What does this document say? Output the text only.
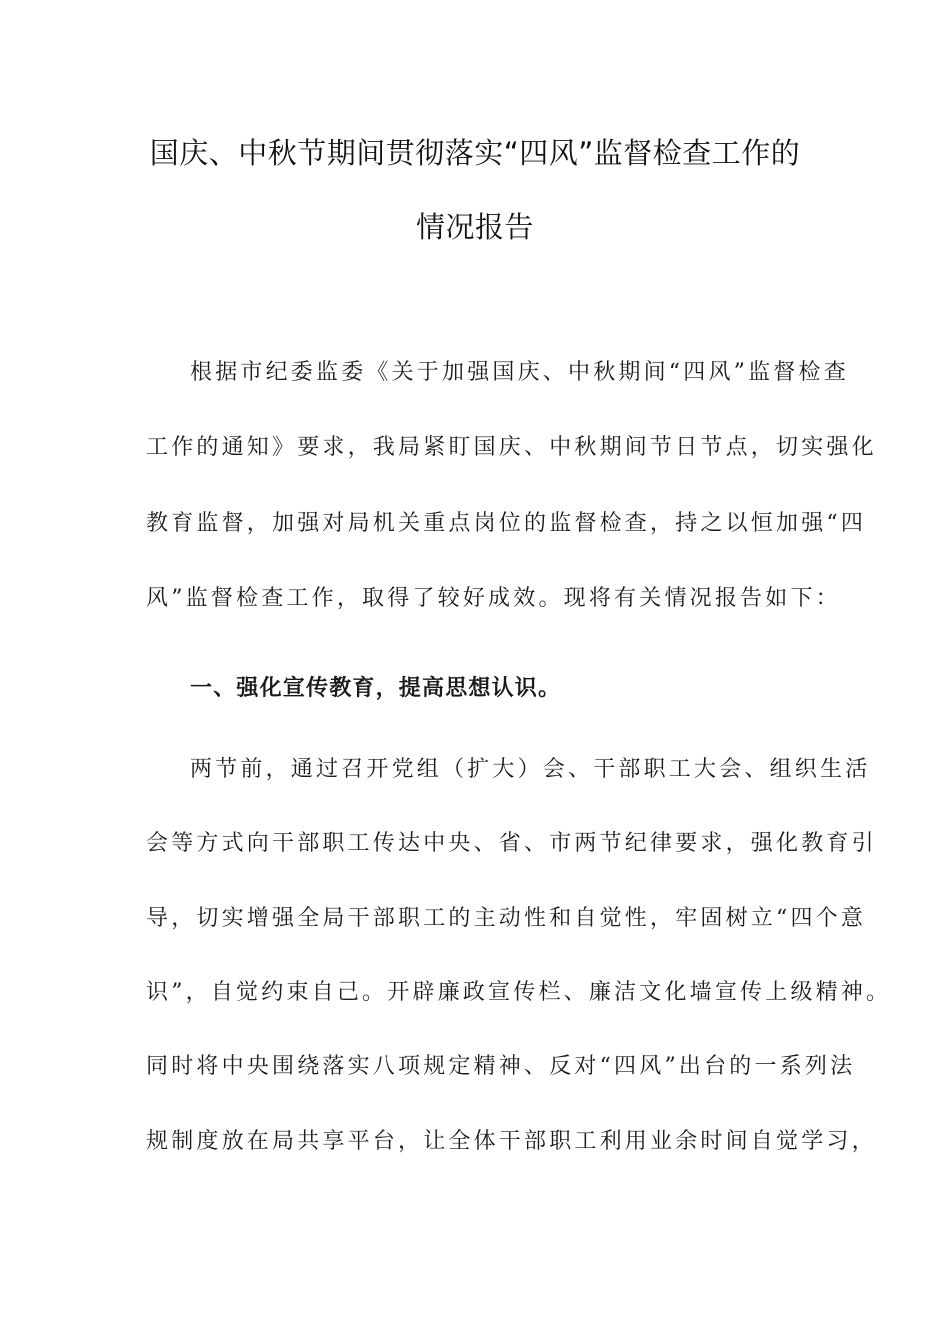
国庆、中秋节期间贯彻落实“四风”监督检查工作的
情况报告

根据市纪委监委《关于加强国庆、中秋期间“四风”监督检查

工作的通知》要求，我局紧盯国庆、中秋期间节日节点，切实强化

教育监督，加强对局机关重点岗位的监督检查，持之以恒加强“四

风”监督检查工作，取得了较好成效。现将有关情况报告如下：

一、强化宣传教育，提高思想认识。

两节前，通过召开党组（扩大）会、干部职工大会、组织生活

会等方式向干部职工传达中央、省、市两节纪律要求，强化教育引

导，切实增强全局干部职工的主动性和自觉性，牢固树立“四个意

识”，自觉约束自己。开辟廉政宣传栏、廉洁文化墙宣传上级精神。

同时将中央围绕落实八项规定精神、反对“四风”出台的一系列法

规制度放在局共享平台，让全体干部职工利用业余时间自觉学习，
